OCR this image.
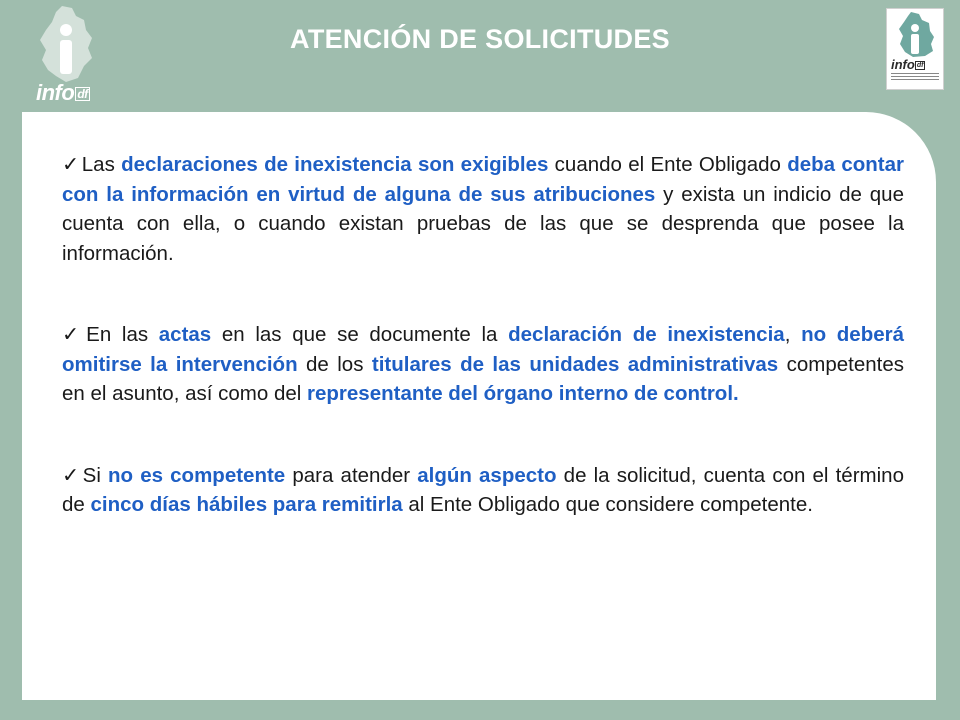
info df
ATENCIÓN DE SOLICITUDES
info df

✓Las declaraciones de inexistencia son exigibles cuando el Ente Obligado deba contar con la información en virtud de alguna de sus atribuciones y exista un indicio de que cuenta con ella, o cuando existan pruebas de las que se desprenda que posee la información.

✓En las actas en las que se documente la declaración de inexistencia, no deberá omitirse la intervención de los titulares de las unidades administrativas competentes en el asunto, así como del representante del órgano interno de control.

✓Si no es competente para atender algún aspecto de la solicitud, cuenta con el término de cinco días hábiles para remitirla al Ente Obligado que considere competente.
